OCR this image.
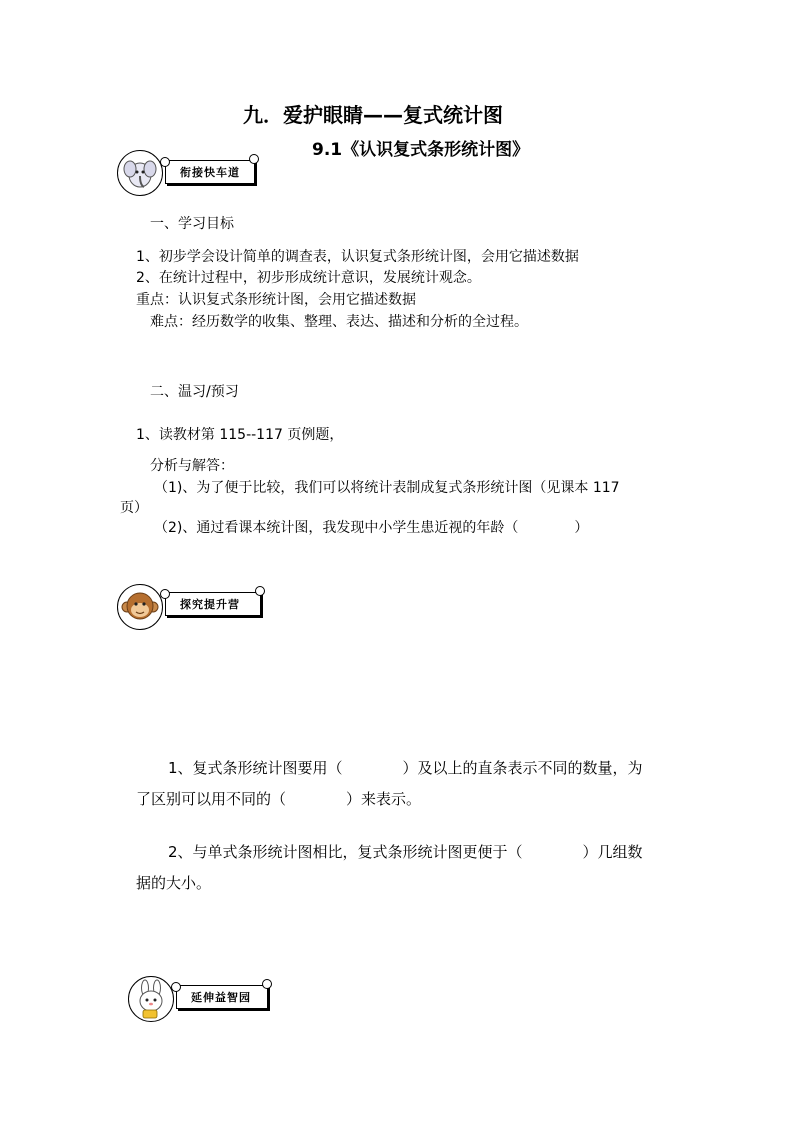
九．爱护眼睛——复式统计图
9.1《认识复式条形统计图》
衔接快车道
一、学习目标
1、初步学会设计简单的调查表，认识复式条形统计图，会用它描述数据
2、在统计过程中，初步形成统计意识，发展统计观念。
重点：认识复式条形统计图，会用它描述数据
难点：经历数学的收集、整理、表达、描述和分析的全过程。
二、温习/预习
1、读教材第 115--117 页例题，
分析与解答：
（1)、为了便于比较，我们可以将统计表制成复式条形统计图（见课本 117
页）
（2)、通过看课本统计图，我发现中小学生患近视的年龄（　　　　）
探究提升营
1、复式条形统计图要用（　　　　）及以上的直条表示不同的数量，为
了区别可以用不同的（　　　　）来表示。
2、与单式条形统计图相比，复式条形统计图更便于（　　　　）几组数
据的大小。
延伸益智园
